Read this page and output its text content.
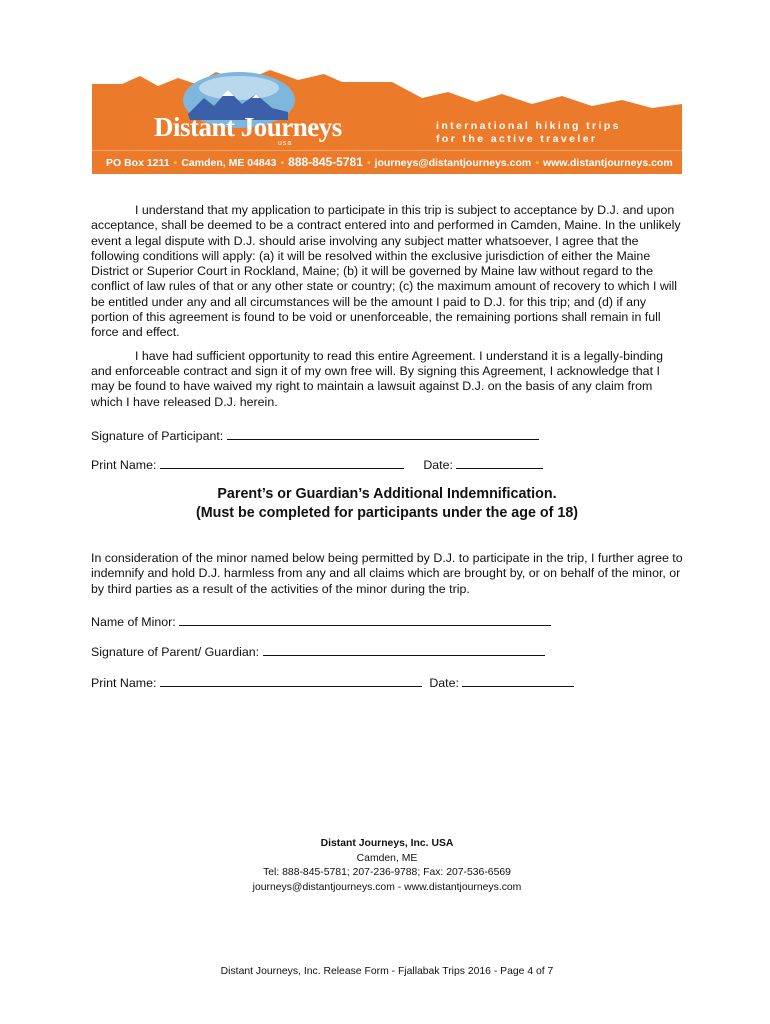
Distant Journeys
usa
international hiking trips
for the active traveler
PO Box 1211 • Camden, ME 04843 • 888-845-5781 • journeys@distantjourneys.com • www.distantjourneys.com

I understand that my application to participate in this trip is subject to acceptance by D.J. and upon acceptance, shall be deemed to be a contract entered into and performed in Camden, Maine. In the unlikely event a legal dispute with D.J. should arise involving any subject matter whatsoever, I agree that the following conditions will apply: (a) it will be resolved within the exclusive jurisdiction of either the Maine District or Superior Court in Rockland, Maine; (b) it will be governed by Maine law without regard to the conflict of law rules of that or any other state or country; (c) the maximum amount of recovery to which I will be entitled under any and all circumstances will be the amount I paid to D.J. for this trip; and (d) if any portion of this agreement is found to be void or unenforceable, the remaining portions shall remain in full force and effect.

I have had sufficient opportunity to read this entire Agreement. I understand it is a legally-binding and enforceable contract and sign it of my own free will. By signing this Agreement, I acknowledge that I may be found to have waived my right to maintain a lawsuit against D.J. on the basis of any claim from which I have released D.J. herein.

Signature of Participant:
Print Name:	Date:
Parent’s or Guardian’s Additional Indemnification.
(Must be completed for participants under the age of 18)

In consideration of the minor named below being permitted by D.J. to participate in the trip, I further agree to indemnify and hold D.J. harmless from any and all claims which are brought by, or on behalf of the minor, or by third parties as a result of the activities of the minor during the trip.

Name of Minor:
Signature of Parent/ Guardian:
Print Name:	Date:
Distant Journeys, Inc. USA
Camden, ME
Tel: 888-845-5781; 207-236-9788; Fax: 207-536-6569
journeys@distantjourneys.com - www.distantjourneys.com
Distant Journeys, Inc. Release Form - Fjallabak Trips 2016 - Page 4 of 7
